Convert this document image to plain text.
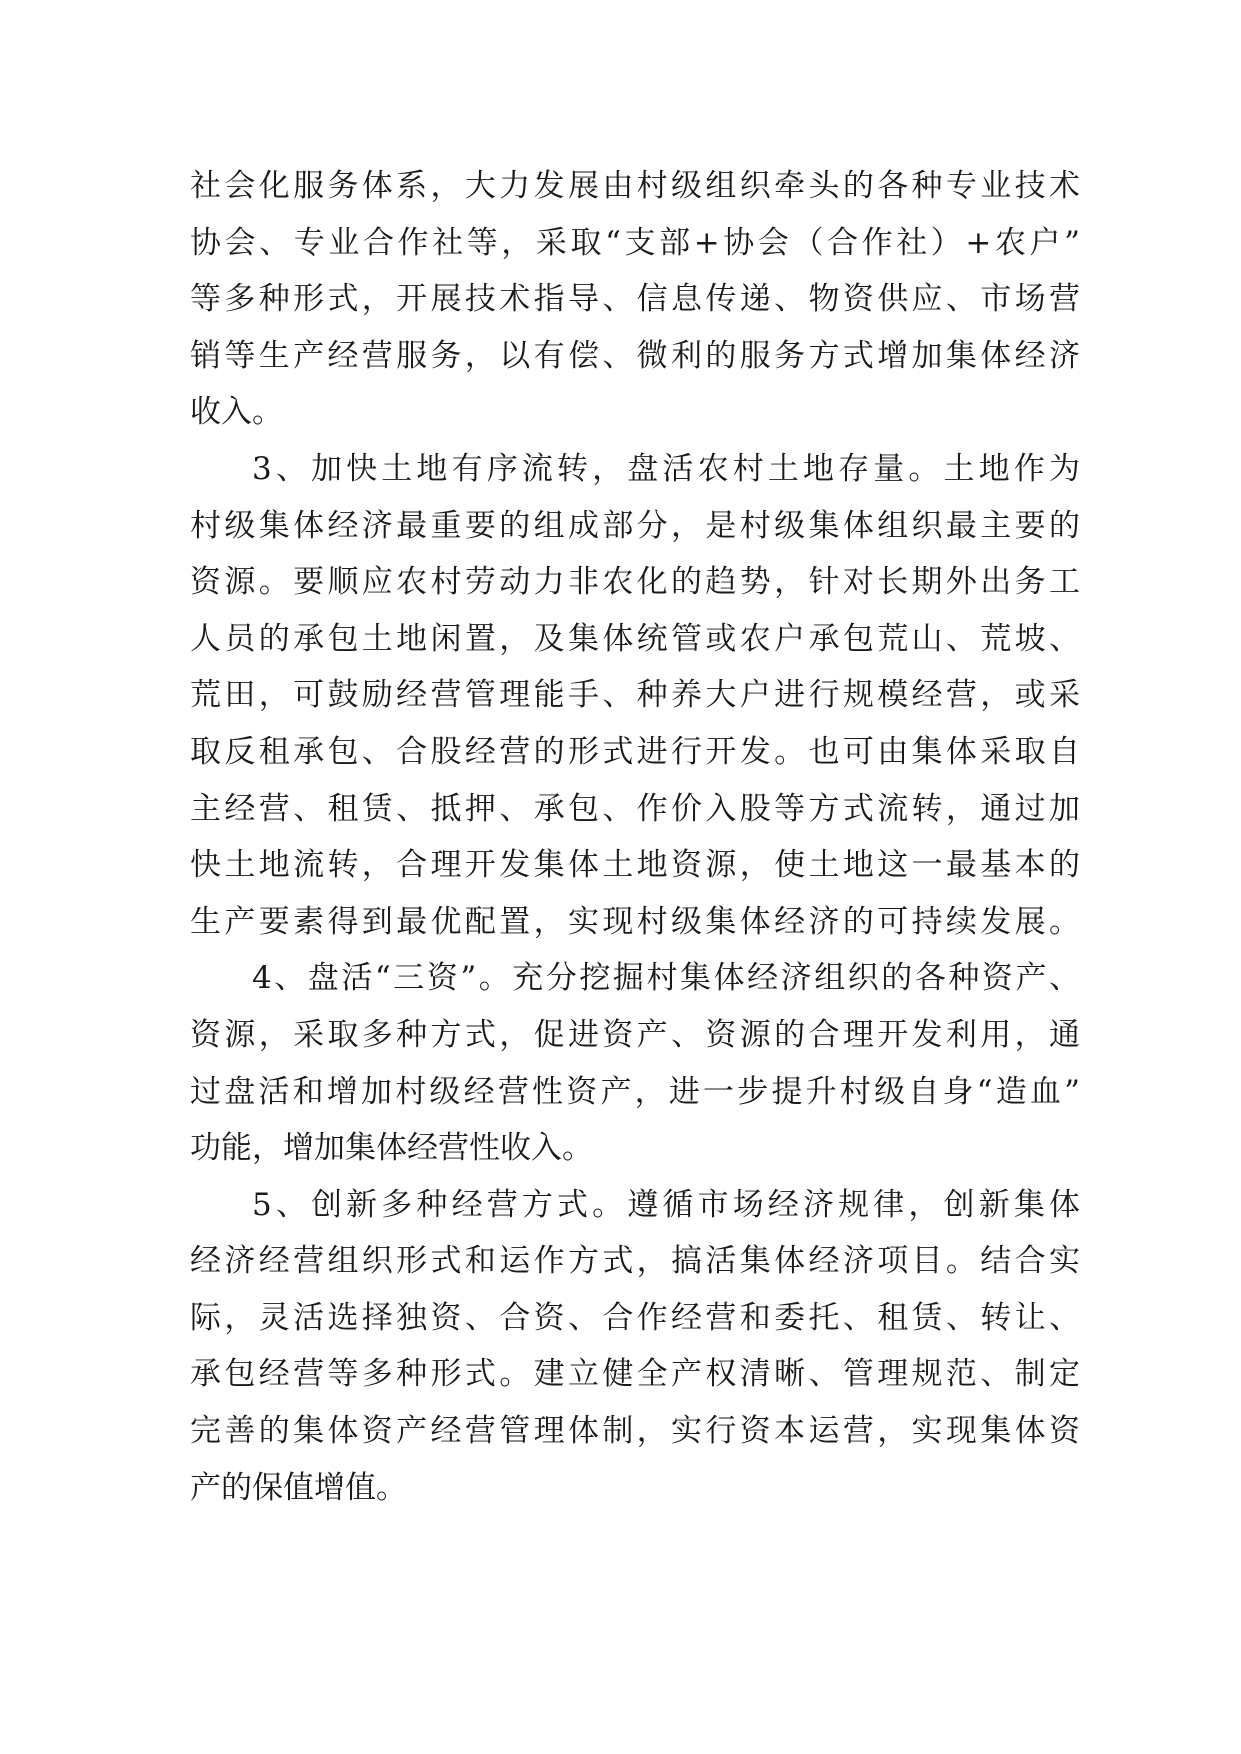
社会化服务体系，大力发展由村级组织牵头的各种专业技术
协会、专业合作社等，采取“支部+协会（合作社）+农户”
等多种形式，开展技术指导、信息传递、物资供应、市场营
销等生产经营服务，以有偿、微利的服务方式增加集体经济
收入。
3、加快土地有序流转，盘活农村土地存量。土地作为
村级集体经济最重要的组成部分，是村级集体组织最主要的
资源。要顺应农村劳动力非农化的趋势，针对长期外出务工
人员的承包土地闲置，及集体统管或农户承包荒山、荒坡、
荒田，可鼓励经营管理能手、种养大户进行规模经营，或采
取反租承包、合股经营的形式进行开发。也可由集体采取自
主经营、租赁、抵押、承包、作价入股等方式流转，通过加
快土地流转，合理开发集体土地资源，使土地这一最基本的
生产要素得到最优配置，实现村级集体经济的可持续发展。
4、盘活“三资”。充分挖掘村集体经济组织的各种资产、
资源，采取多种方式，促进资产、资源的合理开发利用，通
过盘活和增加村级经营性资产，进一步提升村级自身“造血”
功能，增加集体经营性收入。
5、创新多种经营方式。遵循市场经济规律，创新集体
经济经营组织形式和运作方式，搞活集体经济项目。结合实
际，灵活选择独资、合资、合作经营和委托、租赁、转让、
承包经营等多种形式。建立健全产权清晰、管理规范、制定
完善的集体资产经营管理体制，实行资本运营，实现集体资
产的保值增值。
